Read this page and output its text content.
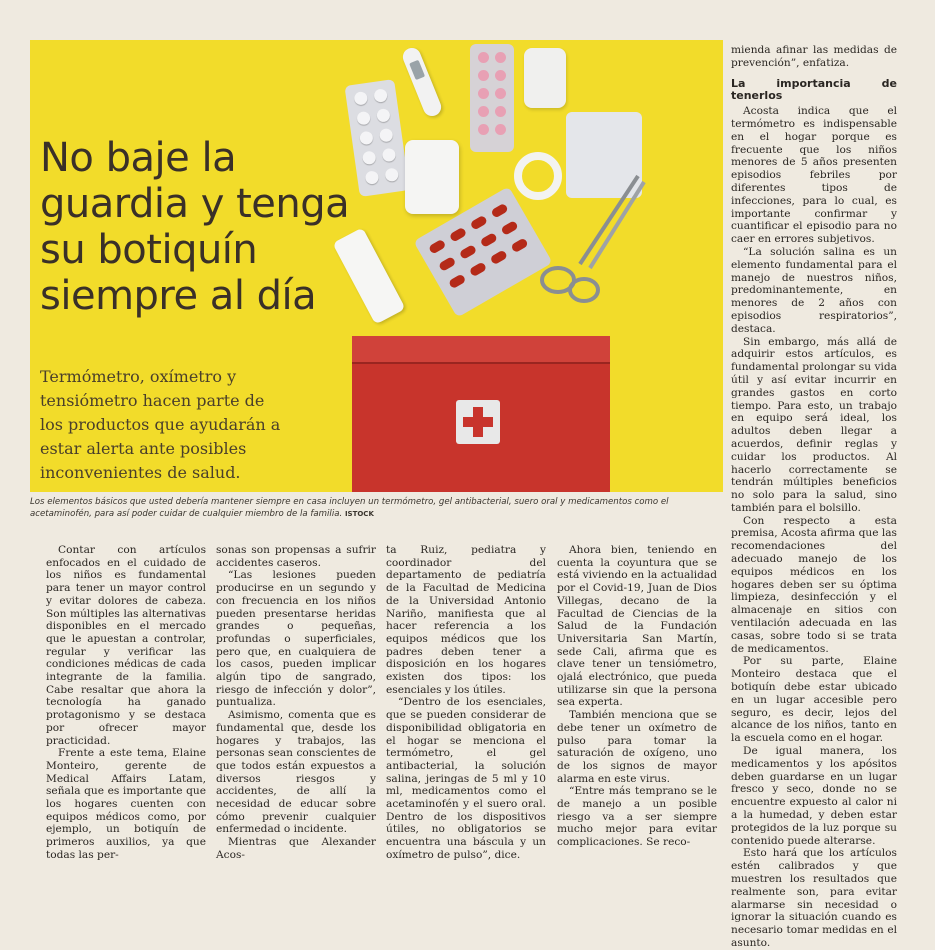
No baje la guardia y tenga su botiquín siempre al día
Termómetro, oxímetro y tensiómetro hacen parte de los productos que ayudarán a estar alerta ante posibles inconvenientes de salud.
Los elementos básicos que usted debería mantener siempre en casa incluyen un termómetro, gel antibacterial, suero oral y medicamentos como el acetaminofén, para así poder cuidar de cualquier miembro de la familia. ISTOCK

Contar con artículos enfocados en el cuidado de los niños es fundamental para tener un mayor control y evitar dolores de cabeza. Son múltiples las alternativas disponibles en el mercado que le apuestan a controlar, regular y verificar las condiciones médicas de cada integrante de la familia. Cabe resaltar que ahora la tecnología ha ganado protagonismo y se destaca por ofrecer mayor practicidad.

Frente a este tema, Elaine Monteiro, gerente de Medical Affairs Latam, señala que es importante que los hogares cuenten con equipos médicos como, por ejemplo, un botiquín de primeros auxilios, ya que todas las per-

sonas son propensas a sufrir accidentes caseros.

“Las lesiones pueden producirse en un segundo y con frecuencia en los niños pueden presentarse heridas grandes o pequeñas, profundas o superficiales, pero que, en cualquiera de los casos, pueden implicar algún tipo de sangrado, riesgo de infección y dolor”, puntualiza.

Asimismo, comenta que es fundamental que, desde los hogares y trabajos, las personas sean conscientes de que todos están expuestos a diversos riesgos y accidentes, de allí la necesidad de educar sobre cómo prevenir cualquier enfermedad o incidente.

Mientras que Alexander Acos-

ta Ruiz, pediatra y coordinador del departamento de pediatría de la Facultad de Medicina de la Universidad Antonio Nariño, manifiesta que al hacer referencia a los equipos médicos que los padres deben tener a disposición en los hogares existen dos tipos: los esenciales y los útiles.

“Dentro de los esenciales, que se pueden considerar de disponibilidad obligatoria en el hogar se menciona el termómetro, el gel antibacterial, la solución salina, jeringas de 5 ml y 10 ml, medicamentos como el acetaminofén y el suero oral. Dentro de los dispositivos útiles, no obligatorios se encuentra una báscula y un oxímetro de pulso”, dice.

Ahora bien, teniendo en cuenta la coyuntura que se está viviendo en la actualidad por el Covid-19, Juan de Dios Villegas, decano de la Facultad de Ciencias de la Salud de la Fundación Universitaria San Martín, sede Cali, afirma que es clave tener un tensiómetro, ojalá electrónico, que pueda utilizarse sin que la persona sea experta.

También menciona que se debe tener un oxímetro de pulso para tomar la saturación de oxígeno, uno de los signos de mayor alarma en este virus.

“Entre más temprano se le de manejo a un posible riesgo va a ser siempre mucho mejor para evitar complicaciones. Se reco-

mienda afinar las medidas de prevención”, enfatiza.

La importancia de tenerlos

Acosta indica que el termómetro es indispensable en el hogar porque es frecuente que los niños menores de 5 años presenten episodios febriles por diferentes tipos de infecciones, para lo cual, es importante confirmar y cuantificar el episodio para no caer en errores subjetivos.

“La solución salina es un elemento fundamental para el manejo de nuestros niños, predominantemente, en menores de 2 años con episodios respiratorios”, destaca.

Sin embargo, más allá de adquirir estos artículos, es fundamental prolongar su vida útil y así evitar incurrir en grandes gastos en corto tiempo. Para esto, un trabajo en equipo será ideal, los adultos deben llegar a acuerdos, definir reglas y cuidar los productos. Al hacerlo correctamente se tendrán múltiples beneficios no solo para la salud, sino también para el bolsillo.

Con respecto a esta premisa, Acosta afirma que las recomendaciones del adecuado manejo de los equipos médicos en los hogares deben ser su óptima limpieza, desinfección y el almacenaje en sitios con ventilación adecuada en las casas, sobre todo si se trata de medicamentos.

Por su parte, Elaine Monteiro destaca que el botiquín debe estar ubicado en un lugar accesible pero seguro, es decir, lejos del alcance de los niños, tanto en la escuela como en el hogar.

De igual manera, los medicamentos y los apósitos deben guardarse en un lugar fresco y seco, donde no se encuentre expuesto al calor ni a la humedad, y deben estar protegidos de la luz porque su contenido puede alterarse.

Esto hará que los artículos estén calibrados y que muestren los resultados que realmente son, para evitar alarmarse sin necesidad o ignorar la situación cuando es necesario tomar medidas en el asunto.
